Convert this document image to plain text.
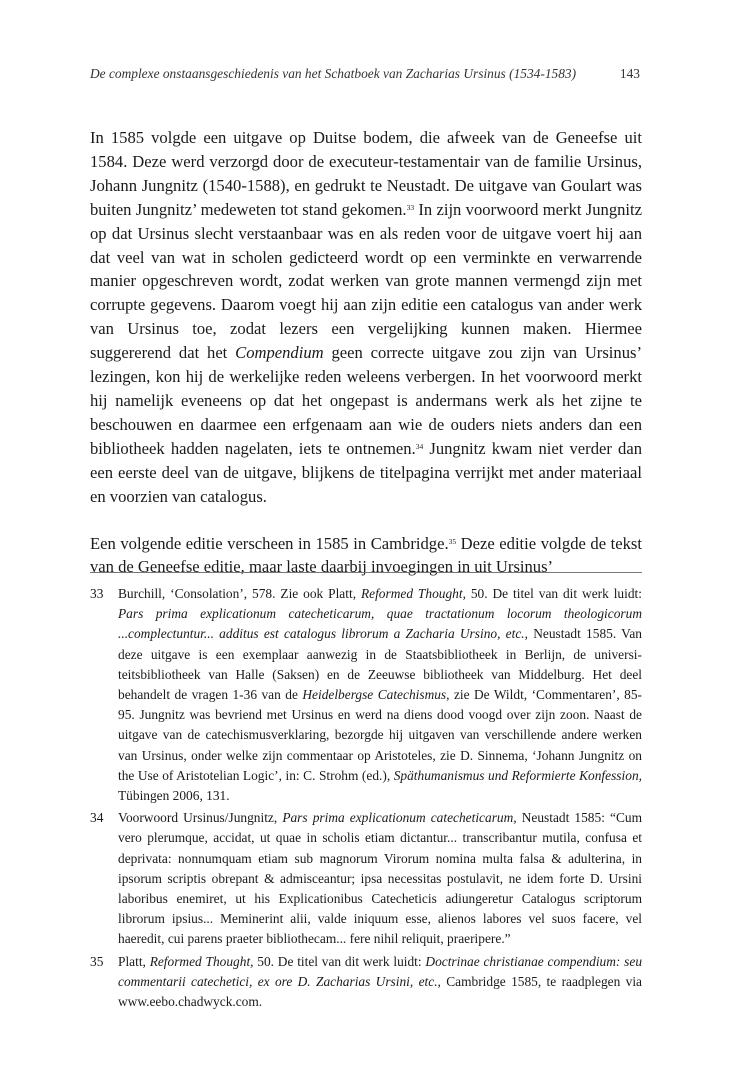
De complexe onstaansgeschiedenis van het Schatboek van Zacharias Ursinus (1534-1583)	143

In 1585 volgde een uitgave op Duitse bodem, die afweek van de Geneefse uit 1584. Deze werd verzorgd door de executeur-testamentair van de familie Ursinus, Johann Jungnitz (1540-1588), en gedrukt te Neustadt. De uitgave van Goulart was buiten Jungnitz’ medeweten tot stand gekomen.$^{33}$ In zijn voorwoord merkt Jungnitz op dat Ursinus slecht verstaanbaar was en als reden voor de uitgave voert hij aan dat veel van wat in scholen gedicteerd wordt op een verminkte en verwarrende manier opgeschreven wordt, zodat werken van grote mannen vermengd zijn met corrupte gegevens. Daarom voegt hij aan zijn editie een catalogus van ander werk van Ursinus toe, zodat lezers een vergelijking kunnen maken. Hiermee suggererend dat het Compendium geen correcte uitgave zou zijn van Ursinus’ lezingen, kon hij de werkelijke reden weleens verbergen. In het voorwoord merkt hij namelijk eveneens op dat het ongepast is andermans werk als het zijne te beschouwen en daarmee een erfgenaam aan wie de ouders niets anders dan een bibliotheek hadden nagelaten, iets te ontnemen.$^{34}$ Jungnitz kwam niet verder dan een eerste deel van de uitgave, blijkens de titelpagina verrijkt met ander materiaal en voorzien van catalogus.

Een volgende editie verscheen in 1585 in Cambridge.$^{35}$ Deze editie volgde de tekst van de Geneefse editie, maar laste daarbij invoegingen in uit Ursinus’

33 Burchill, ‘Consolation’, 578. Zie ook Platt, Reformed Thought, 50. De titel van dit werk luidt: Pars prima explicationum catecheticarum, quae tractationum locorum theologicorum ...complectuntur... additus est catalogus librorum a Zacharia Ursino, etc., Neustadt 1585. Van deze uitgave is een exemplaar aanwezig in de Staatsbibliotheek in Berlijn, de universiteitsbibliotheek van Halle (Saksen) en de Zeeuwse bibliotheek van Middelburg. Het deel behandelt de vragen 1-36 van de Heidelbergse Catechismus, zie De Wildt, ‘Commentaren’, 85-95. Jungnitz was bevriend met Ursinus en werd na diens dood voogd over zijn zoon. Naast de uitgave van de catechismusverklaring, bezorgde hij uitgaven van verschillende andere werken van Ursinus, onder welke zijn commentaar op Aristoteles, zie D. Sinnema, ‘Johann Jungnitz on the Use of Aristotelian Logic’, in: C. Strohm (ed.), Späthumanismus und Reformierte Konfession, Tübingen 2006, 131.
34 Voorwoord Ursinus/Jungnitz, Pars prima explicationum catecheticarum, Neustadt 1585: “Cum vero plerumque, accidat, ut quae in scholis etiam dictantur... transcribantur mutila, confusa et deprivata: nonnumquam etiam sub magnorum Virorum nomina multa falsa & adulterina, in ipsorum scriptis obrepant & admisceantur; ipsa necessitas postulavit, ne idem forte D. Ursini laboribus enemiret, ut his Explicationibus Catecheticis adiungeretur Catalogus scriptorum librorum ipsius... Meminerint alii, valde iniquum esse, alienos labores vel suos facere, vel haeredit, cui parens praeter bibliothecam... fere nihil reliquit, praeripere.”
35 Platt, Reformed Thought, 50. De titel van dit werk luidt: Doctrinae christianae compendium: seu commentarii catechetici, ex ore D. Zacharias Ursini, etc., Cambridge 1585, te raadplegen via www.eebo.chadwyck.com.
